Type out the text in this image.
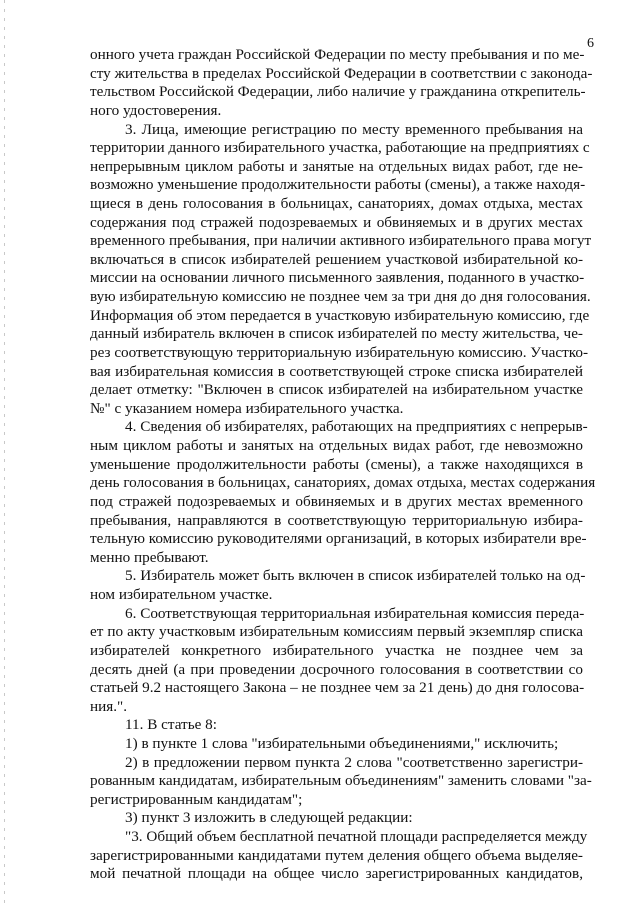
6
онного учета граждан Российской Федерации по месту пребывания и по ме-
сту жительства в пределах Российской Федерации в соответствии с законода-
тельством Российской Федерации, либо наличие у гражданина открепитель-
ного удостоверения.
3. Лица, имеющие регистрацию по месту временного пребывания на
территории данного избирательного участка, работающие на предприятиях с
непрерывным циклом работы и занятые на отдельных видах работ, где не-
возможно уменьшение продолжительности работы (смены), а также находя-
щиеся в день голосования в больницах, санаториях, домах отдыха, местах
содержания под стражей подозреваемых и обвиняемых и в других местах
временного пребывания, при наличии активного избирательного права могут
включаться в список избирателей решением участковой избирательной ко-
миссии на основании личного письменного заявления, поданного в участко-
вую избирательную комиссию не позднее чем за три дня до дня голосования.
Информация об этом передается в участковую избирательную комиссию, где
данный избиратель включен в список избирателей по месту жительства, че-
рез соответствующую территориальную избирательную комиссию. Участко-
вая избирательная комиссия в соответствующей строке списка избирателей
делает отметку: "Включен в список избирателей на избирательном участке
№" с указанием номера избирательного участка.
4. Сведения об избирателях, работающих на предприятиях с непрерыв-
ным циклом работы и занятых на отдельных видах работ, где невозможно
уменьшение продолжительности работы (смены), а также находящихся в
день голосования в больницах, санаториях, домах отдыха, местах содержания
под стражей подозреваемых и обвиняемых и в других местах временного
пребывания, направляются в соответствующую территориальную избира-
тельную комиссию руководителями организаций, в которых избиратели вре-
менно пребывают.
5. Избиратель может быть включен в список избирателей только на од-
ном избирательном участке.
6. Соответствующая территориальная избирательная комиссия переда-
ет по акту участковым избирательным комиссиям первый экземпляр списка
избирателей конкретного избирательного участка не позднее чем за
десять дней (а при проведении досрочного голосования в соответствии со
статьей 9.2 настоящего Закона – не позднее чем за 21 день) до дня голосова-
ния.".
11. В статье 8:
1) в пункте 1 слова "избирательными объединениями," исключить;
2) в предложении первом пункта 2 слова "соответственно зарегистри-
рованным кандидатам, избирательным объединениям" заменить словами "за-
регистрированным кандидатам";
3) пункт 3 изложить в следующей редакции:
"3. Общий объем бесплатной печатной площади распределяется между
зарегистрированными кандидатами путем деления общего объема выделяе-
мой печатной площади на общее число зарегистрированных кандидатов,
